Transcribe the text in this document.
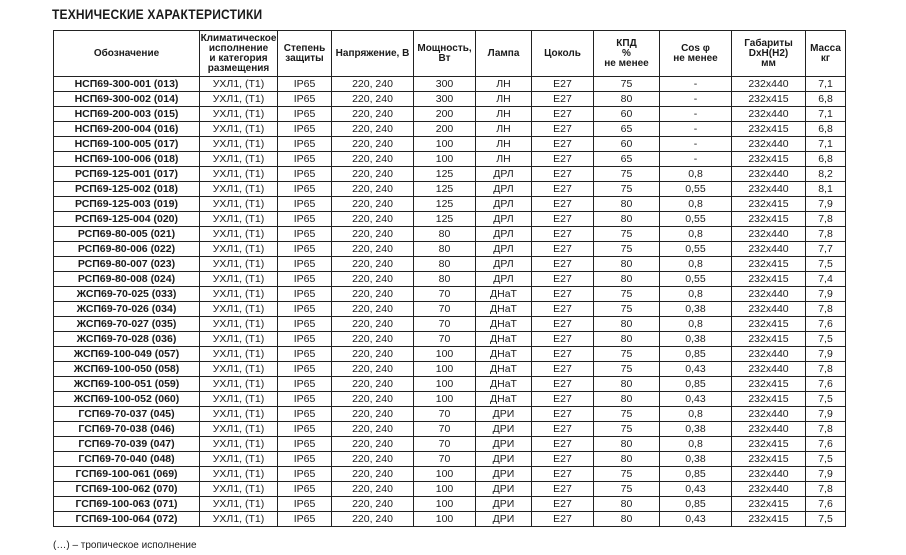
ТЕХНИЧЕСКИЕ ХАРАКТЕРИСТИКИ
Обозначение	Климатическое
исполнение
и категория
размещения	Степень
защиты	Напряжение, В	Мощность,
Вт	Лампа	Цоколь	КПД
%
не менее	Cos φ
не менее	Габариты
DxH(H2)
мм	Масса
кг

НСП69-300-001 (013)	УХЛ1, (Т1)	IP65	220, 240	300	ЛН	E27	75	-	232x440	7,1
НСП69-300-002 (014)	УХЛ1, (Т1)	IP65	220, 240	300	ЛН	E27	80	-	232x415	6,8
НСП69-200-003 (015)	УХЛ1, (Т1)	IP65	220, 240	200	ЛН	E27	60	-	232x440	7,1
НСП69-200-004 (016)	УХЛ1, (Т1)	IP65	220, 240	200	ЛН	E27	65	-	232x415	6,8
НСП69-100-005 (017)	УХЛ1, (Т1)	IP65	220, 240	100	ЛН	E27	60	-	232x440	7,1
НСП69-100-006 (018)	УХЛ1, (Т1)	IP65	220, 240	100	ЛН	E27	65	-	232x415	6,8
РСП69-125-001 (017)	УХЛ1, (Т1)	IP65	220, 240	125	ДРЛ	E27	75	0,8	232x440	8,2
РСП69-125-002 (018)	УХЛ1, (Т1)	IP65	220, 240	125	ДРЛ	E27	75	0,55	232x440	8,1
РСП69-125-003 (019)	УХЛ1, (Т1)	IP65	220, 240	125	ДРЛ	E27	80	0,8	232x415	7,9
РСП69-125-004 (020)	УХЛ1, (Т1)	IP65	220, 240	125	ДРЛ	E27	80	0,55	232x415	7,8
РСП69-80-005 (021)	УХЛ1, (Т1)	IP65	220, 240	80	ДРЛ	E27	75	0,8	232x440	7,8
РСП69-80-006 (022)	УХЛ1, (Т1)	IP65	220, 240	80	ДРЛ	E27	75	0,55	232x440	7,7
РСП69-80-007 (023)	УХЛ1, (Т1)	IP65	220, 240	80	ДРЛ	E27	80	0,8	232x415	7,5
РСП69-80-008 (024)	УХЛ1, (Т1)	IP65	220, 240	80	ДРЛ	E27	80	0,55	232x415	7,4
ЖСП69-70-025 (033)	УХЛ1, (Т1)	IP65	220, 240	70	ДНаТ	E27	75	0,8	232x440	7,9
ЖСП69-70-026 (034)	УХЛ1, (Т1)	IP65	220, 240	70	ДНаТ	E27	75	0,38	232x440	7,8
ЖСП69-70-027 (035)	УХЛ1, (Т1)	IP65	220, 240	70	ДНаТ	E27	80	0,8	232x415	7,6
ЖСП69-70-028 (036)	УХЛ1, (Т1)	IP65	220, 240	70	ДНаТ	E27	80	0,38	232x415	7,5
ЖСП69-100-049 (057)	УХЛ1, (Т1)	IP65	220, 240	100	ДНаТ	E27	75	0,85	232x440	7,9
ЖСП69-100-050 (058)	УХЛ1, (Т1)	IP65	220, 240	100	ДНаТ	E27	75	0,43	232x440	7,8
ЖСП69-100-051 (059)	УХЛ1, (Т1)	IP65	220, 240	100	ДНаТ	E27	80	0,85	232x415	7,6
ЖСП69-100-052 (060)	УХЛ1, (Т1)	IP65	220, 240	100	ДНаТ	E27	80	0,43	232x415	7,5
ГСП69-70-037 (045)	УХЛ1, (Т1)	IP65	220, 240	70	ДРИ	E27	75	0,8	232x440	7,9
ГСП69-70-038 (046)	УХЛ1, (Т1)	IP65	220, 240	70	ДРИ	E27	75	0,38	232x440	7,8
ГСП69-70-039 (047)	УХЛ1, (Т1)	IP65	220, 240	70	ДРИ	E27	80	0,8	232x415	7,6
ГСП69-70-040 (048)	УХЛ1, (Т1)	IP65	220, 240	70	ДРИ	E27	80	0,38	232x415	7,5
ГСП69-100-061 (069)	УХЛ1, (Т1)	IP65	220, 240	100	ДРИ	E27	75	0,85	232x440	7,9
ГСП69-100-062 (070)	УХЛ1, (Т1)	IP65	220, 240	100	ДРИ	E27	75	0,43	232x440	7,8
ГСП69-100-063 (071)	УХЛ1, (Т1)	IP65	220, 240	100	ДРИ	E27	80	0,85	232x415	7,6
ГСП69-100-064 (072)	УХЛ1, (Т1)	IP65	220, 240	100	ДРИ	E27	80	0,43	232x415	7,5
(…) – тропическое исполнение
